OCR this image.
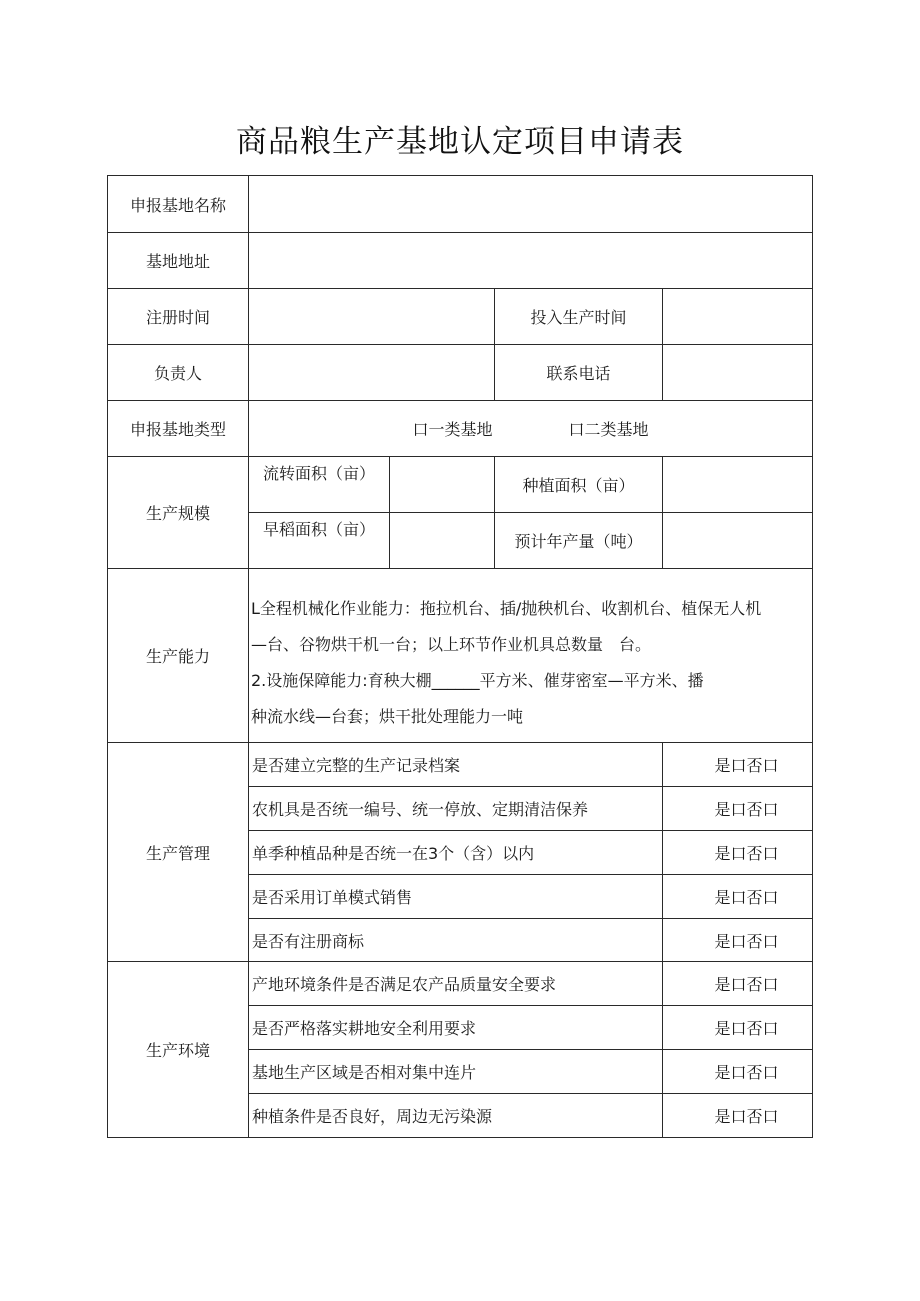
商品粮生产基地认定项目申请表
申报基地名称				
基地地址				
注册时间			投入生产时间	
负责人			联系电话	
申报基地类型	口一类基地 口二类基地			
生产规模	流转面积（亩）		种植面积（亩）	
	早稻面积（亩）		预计年产量（吨）	
生产能力	L全程机械化作业能力：拖拉机台、插/抛秧机台、收割机台、植保无人机
—台、谷物烘干机一台；以上环节作业机具总数量　台。
2.设施保障能力:育秧大棚______平方米、催芽密室—平方米、播
种流水线—台套；烘干批处理能力一吨			

生产管理	是否建立完整的生产记录档案			是口否口
	农机具是否统一编号、统一停放、定期清洁保养			是口否口
	单季种植品种是否统一在3个（含）以内			是口否口
	是否采用订单模式销售			是口否口
	是否有注册商标			是口否口
生产环境	产地环境条件是否满足农产品质量安全要求			是口否口
	是否严格落实耕地安全利用要求			是口否口
	基地生产区域是否相对集中连片			是口否口
	种植条件是否良好，周边无污染源			是口否口
